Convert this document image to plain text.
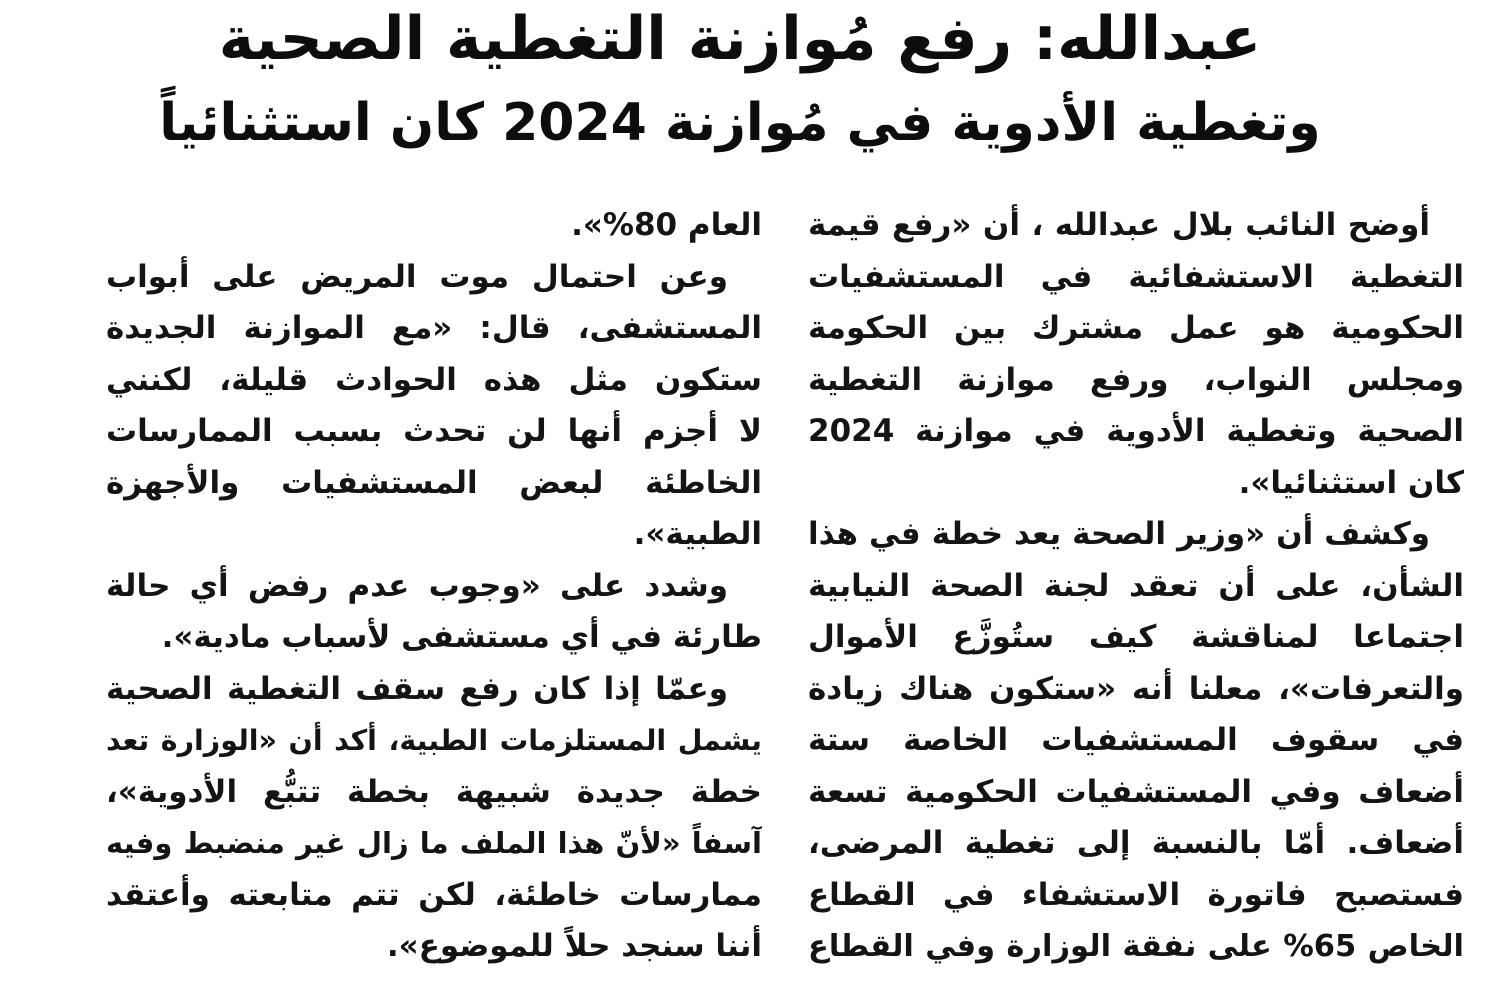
عبدالله: رفع مُوازنة التغطية الصحية
وتغطية الأدوية في مُوازنة 2024 كان استثنائياً
أوضح النائب بلال عبدالله ، أن «رفع قيمة
التغطية الاستشفائية في المستشفيات
الحكومية هو عمل مشترك بين الحكومة
ومجلس النواب، ورفع موازنة التغطية
الصحية وتغطية الأدوية في موازنة 2024
كان استثنائيا».
وكشف أن «وزير الصحة يعد خطة في هذا
الشأن، على أن تعقد لجنة الصحة النيابية
اجتماعا لمناقشة كيف ستُوزَّع الأموال
والتعرفات»، معلنا أنه «ستكون هناك زيادة
في سقوف المستشفيات الخاصة ستة
أضعاف وفي المستشفيات الحكومية تسعة
أضعاف. أمّا بالنسبة إلى تغطية المرضى،
فستصبح فاتورة الاستشفاء في القطاع
الخاص 65% على نفقة الوزارة وفي القطاع
العام 80%».
وعن احتمال موت المريض على أبواب
المستشفى، قال: «مع الموازنة الجديدة
ستكون مثل هذه الحوادث قليلة، لكنني
لا أجزم أنها لن تحدث بسبب الممارسات
الخاطئة لبعض المستشفيات والأجهزة
الطبية».
وشدد على «وجوب عدم رفض أي حالة
طارئة في أي مستشفى لأسباب مادية».
وعمّا إذا كان رفع سقف التغطية الصحية
يشمل المستلزمات الطبية، أكد أن «الوزارة تعد
خطة جديدة شبيهة بخطة تتبُّع الأدوية»،
آسفاً «لأنّ هذا الملف ما زال غير منضبط وفيه
ممارسات خاطئة، لكن تتم متابعته وأعتقد
أننا سنجد حلاً للموضوع».
